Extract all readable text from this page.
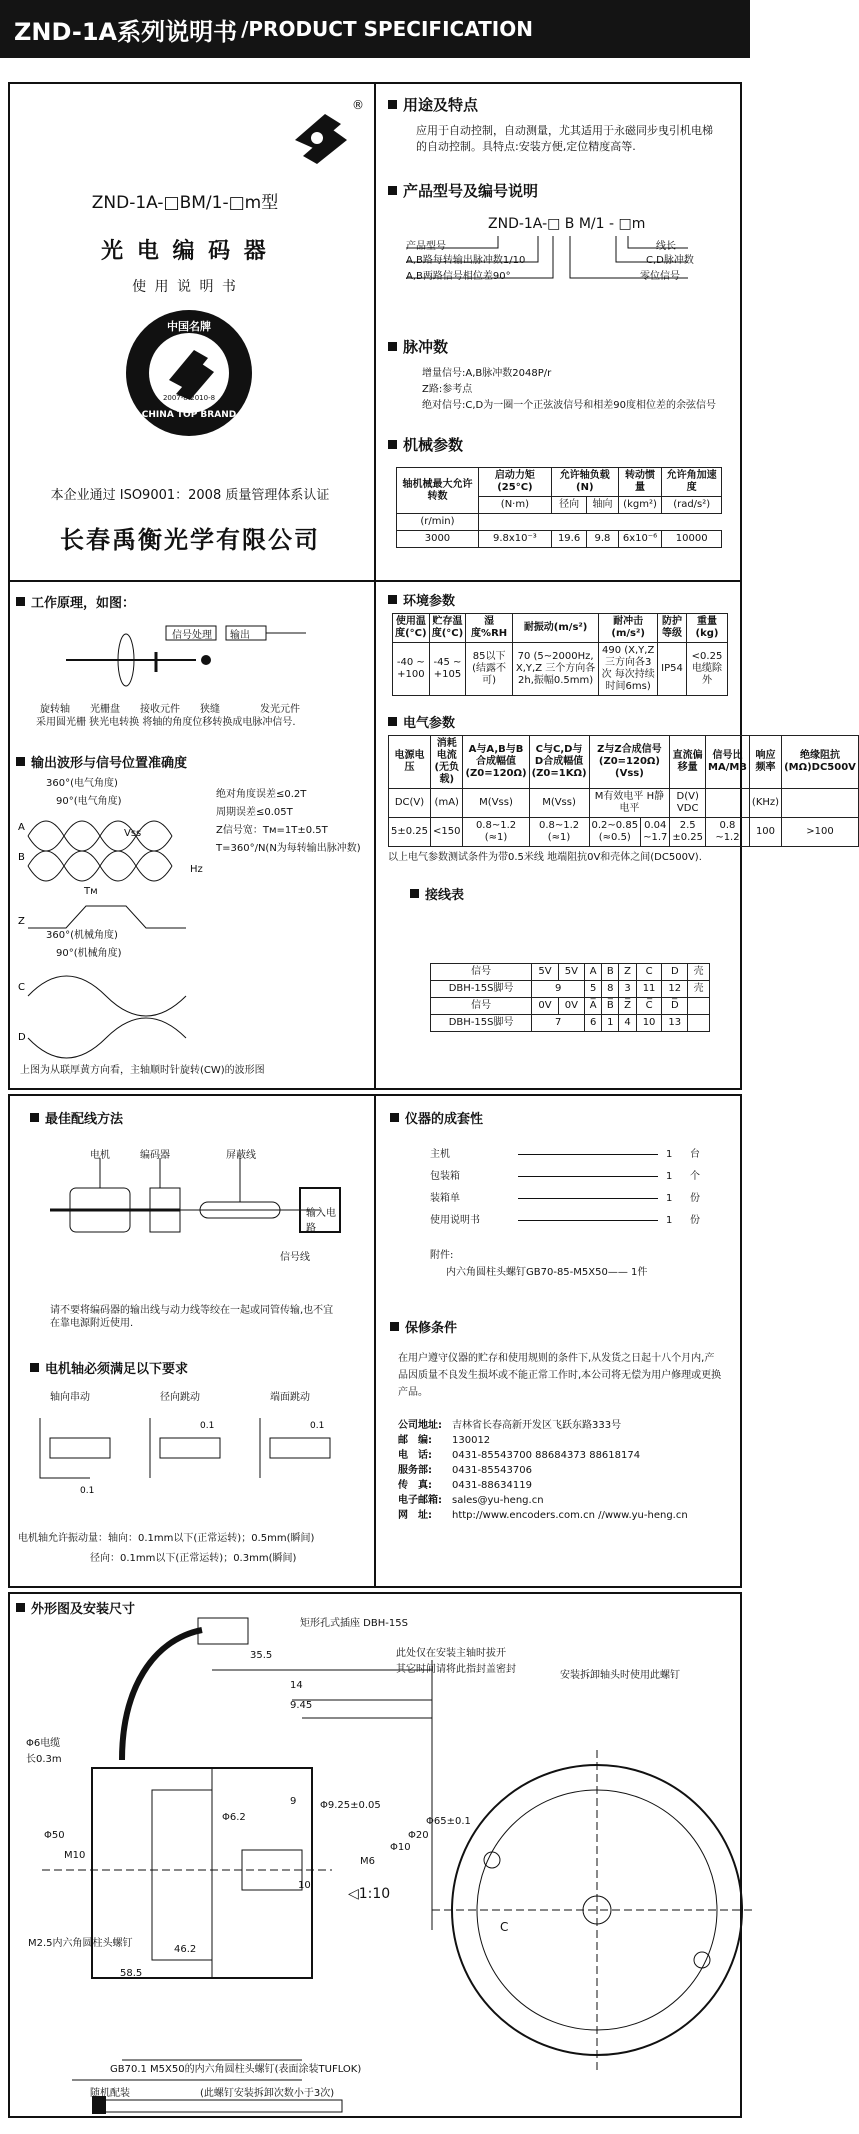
ZND-1A系列说明书 /PRODUCT SPECIFICATION
®
ZND-1A-□BM/1-□m型
光 电 编 码 器
使 用 说 明 书
中国名牌
CHINA TOP BRAND
2007-8-2010-8
本企业通过 ISO9001：2008 质量管理体系认证
长春禹衡光学有限公司
用途及特点
应用于自动控制，自动测量，尤其适用于永磁同步曳引机电梯的自动控制。具特点:安装方便,定位精度高等.
产品型号及编号说明
ZND-1A-□ B M/1 - □m
产品型号
A,B路每转输出脉冲数1/10
A,B两路信号相位差90°
线长
C,D脉冲数
零位信号
脉冲数
增量信号:A,B脉冲数2048P/r
Z路:参考点
绝对信号:C,D为一圈一个正弦波信号和相差90度相位差的余弦信号
机械参数
轴机械最大允许转数	启动力矩(25°C)	允许轴负载(N)		转动惯量	允许角加速度
	(N·m)	径向	轴向	(kgm²)	(rad/s²)
(r/min)					
3000	9.8x10⁻³	19.6	9.8	6x10⁻⁶	10000
工作原理，如图：
信号处理 输出
旋转轴 光栅盘 接收元件 狭缝	发光元件
采用圆光栅 狭光电转换 将轴的角度位移转换成电脉冲信号.
输出波形与信号位置准确度
绝对角度误差≤0.2T
周期误差≤0.05T
Z信号宽：Tм=1T±0.5T
T=360°/N(N为每转输出脉冲数)
360°(电气角度)
90°(电气角度)
360°(机械角度)
90°(机械角度)
Vss
Tм
Hz
A
B
Z
C
D
上图为从联厚黄方向看，主轴顺时针旋转(CW)的波形图
环境参数
使用温度(°C)	贮存温度(°C)	湿度%RH	耐振动(m/s²)	耐冲击(m/s²)	防护等级	重量(kg)
-40 ~ +100	-45 ~ +105	85以下(结露不可)	70 (5~2000Hz, X,Y,Z 三个方向各2h,振幅0.5mm)	490 (X,Y,Z三方向各3次 每次持续时间6ms)	IP54	<0.25 电缆除外
电气参数
电源电压	消耗电流(无负载)	A与A,B与B合成幅值(Z0=120Ω)	C与C,D与D合成幅值(Z0=1KΩ)	Z与Z合成信号(Z0=120Ω)(Vss)		直流偏移量	信号比MA/MB	响应频率	绝缘阻抗(MΩ)DC500V
DC(V)	(mA)	M(Vss)	M(Vss)	M有效电平 H静电平		D(V) VDC		(KHz)	
5±0.25	<150	0.8~1.2 (≈1)	0.8~1.2 (≈1)	0.2~0.85 (≈0.5)	0.04 ~1.7	2.5 ±0.25	0.8 ~1.2	100	>100
以上电气参数测试条件为带0.5米线 地端阻抗0V和壳体之间(DC500V).
接线表
信号	5V	5V	A	B	Z	C	D	壳
DBH-15S脚号	9		5	8	3	11	12	壳
信号	0V	0V	A̅	B̅	Z̅	C̅	D̅	
DBH-15S脚号	7		6	1	4	10	13	
最佳配线方法
电机	编码器	屏蔽线
输入电路
信号线
请不要将编码器的输出线与动力线等绞在一起或同管传输,也不宜在靠电源附近使用.
电机轴必须满足以下要求
轴向串动	径向跳动	端面跳动
0.1
0.1	0.1
电机轴允许振动量：轴向：0.1mm以下(正常运转)；0.5mm(瞬间)
径向：0.1mm以下(正常运转)；0.3mm(瞬间)
仪器的成套性
主机	1	台
包装箱	1	个
装箱单	1	份
使用说明书	1	份
附件:
内六角圆柱头螺钉GB70-85-M5X50—— 1件
保修条件
在用户遵守仪器的贮存和使用规则的条件下,从发货之日起十八个月内,产品因质量不良发生损坏或不能正常工作时,本公司将无偿为用户修理或更换产品。
公司地址:	吉林省长春高新开发区飞跃东路333号
邮　编:	130012
电　话:	0431-85543700 88684373 88618174
服务部:	0431-85543706
传　真:	0431-88634119
电子邮箱:	sales@yu-heng.cn
网　址:	http://www.encoders.com.cn //www.yu-heng.cn
外形图及安装尺寸
矩形孔式插座 DBH-15S
Φ6电缆
长0.3m
35.5
14
9.45
9
Φ6.2
Φ9.25±0.05
Φ20
Φ10
M6
Φ65±0.1
Φ50
M10
10
◁1:10
46.2
58.5
M2.5内六角圆柱头螺钉
此处仅在安装主轴时拔开
其它时间请将此指封盖密封
安装拆卸轴头时使用此螺钉
C
GB70.1 M5X50的内六角圆柱头螺钉(表面涂装TUFLOK)
随机配装	(此螺钉安装拆卸次数小于3次)
